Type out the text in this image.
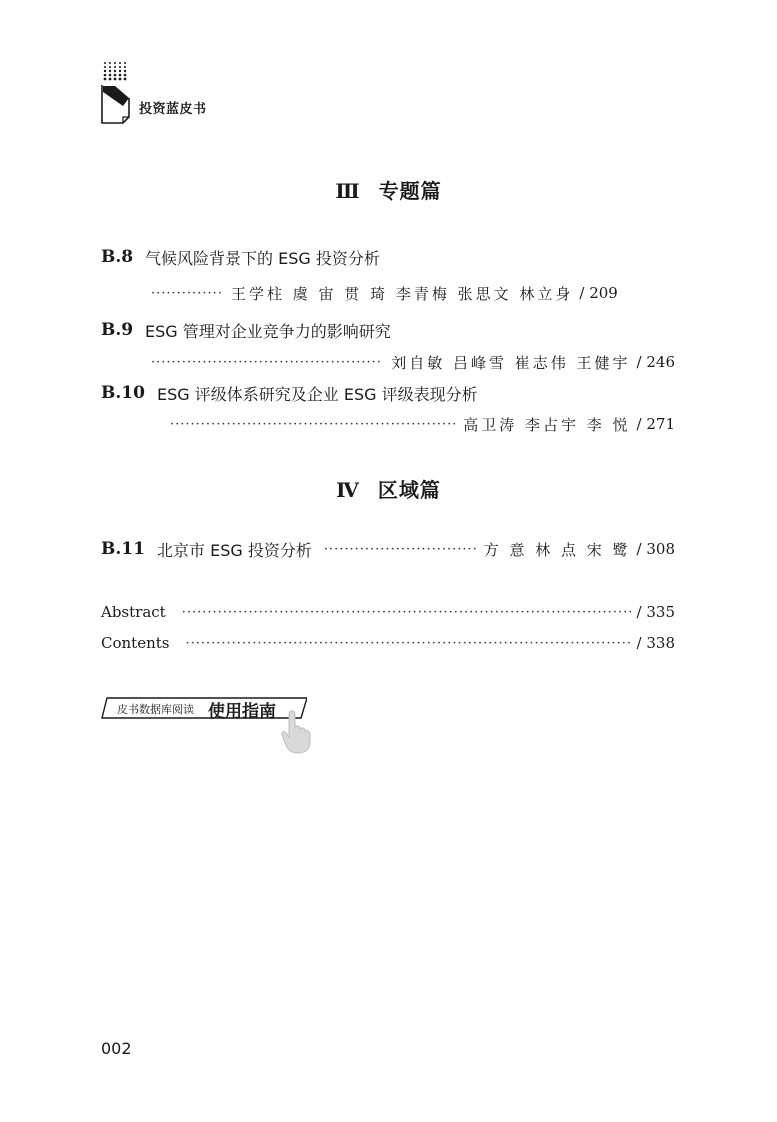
投资蓝皮书
Ⅲ 专题篇
B.8 气候风险背景下的 ESG 投资分析
·····
王学柱 虞 宙 贯 琦 李青梅 张思文 林立身 / 209
B.9 ESG 管理对企业竞争力的影响研究
·····
刘自敏 吕峰雪 崔志伟 王健宇 / 246
B.10 ESG 评级体系研究及企业 ESG 评级表现分析
·····
高卫涛 李占宇 李 悦 / 271
Ⅳ 区域篇
B.11 北京市 ESG 投资分析 ·····	方 意 林 点 宋 鹭 / 308
Abstract ·····	/ 335
Contents ·····	/ 338
皮书数据库阅读 使用指南
002
